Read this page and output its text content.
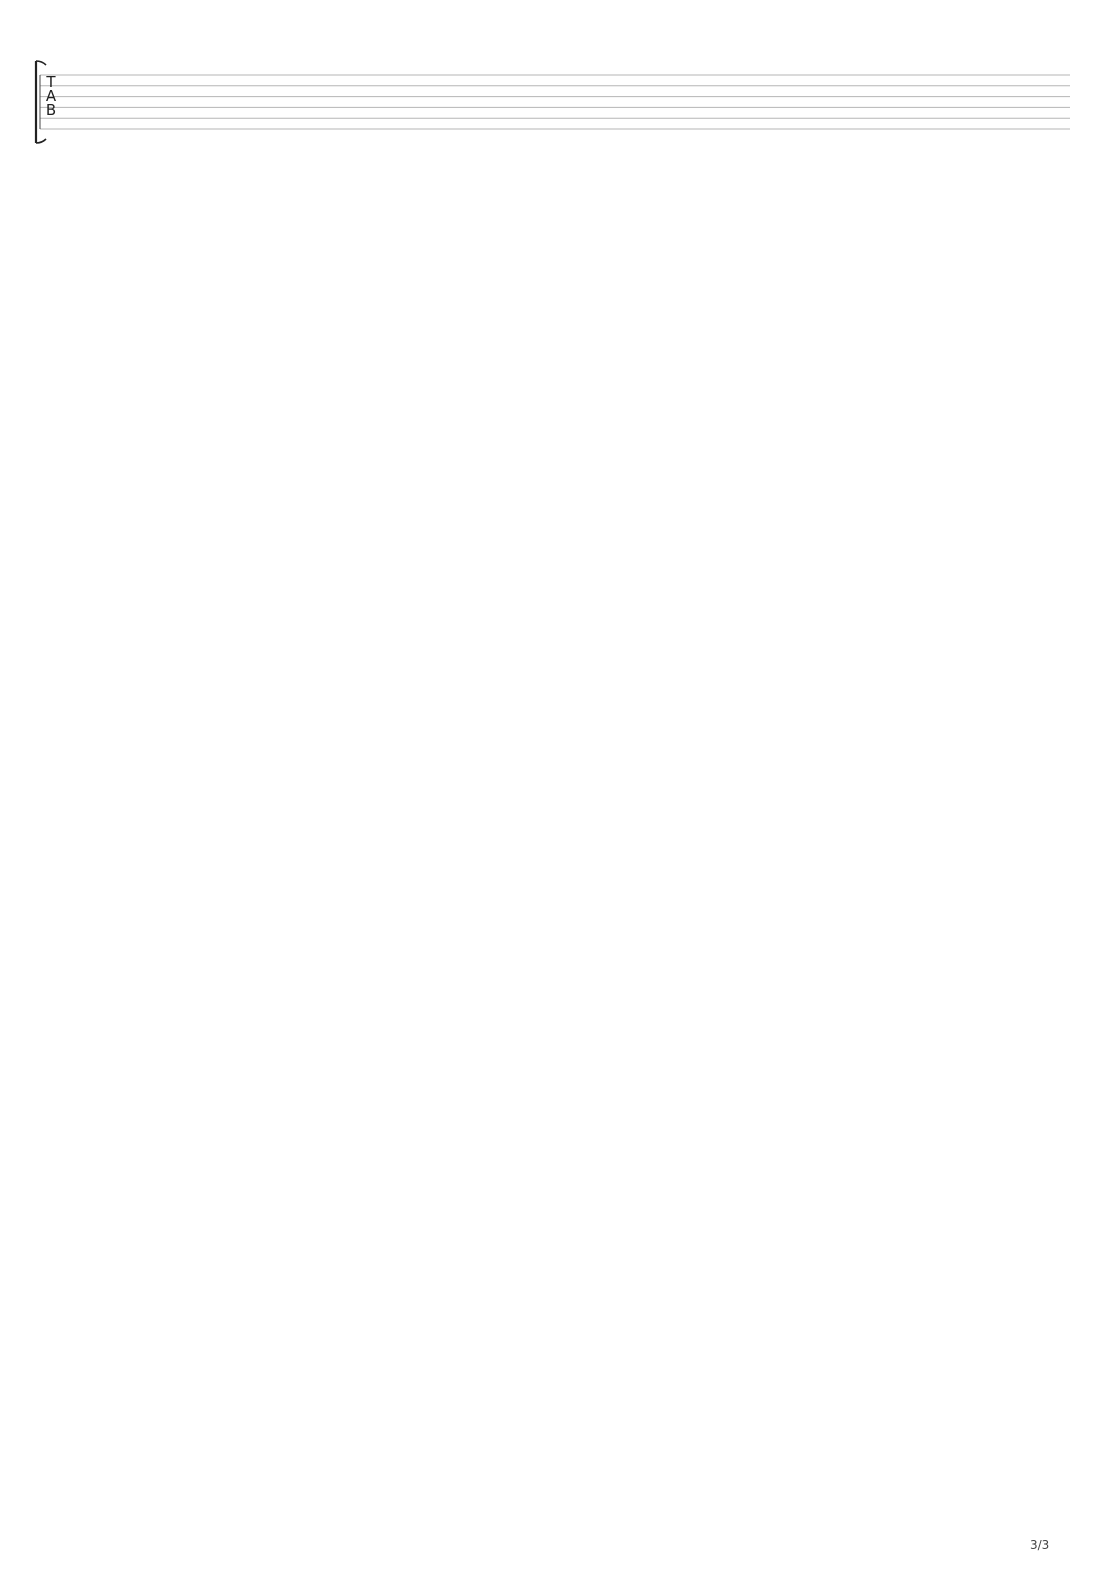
T
A
B
3/3
